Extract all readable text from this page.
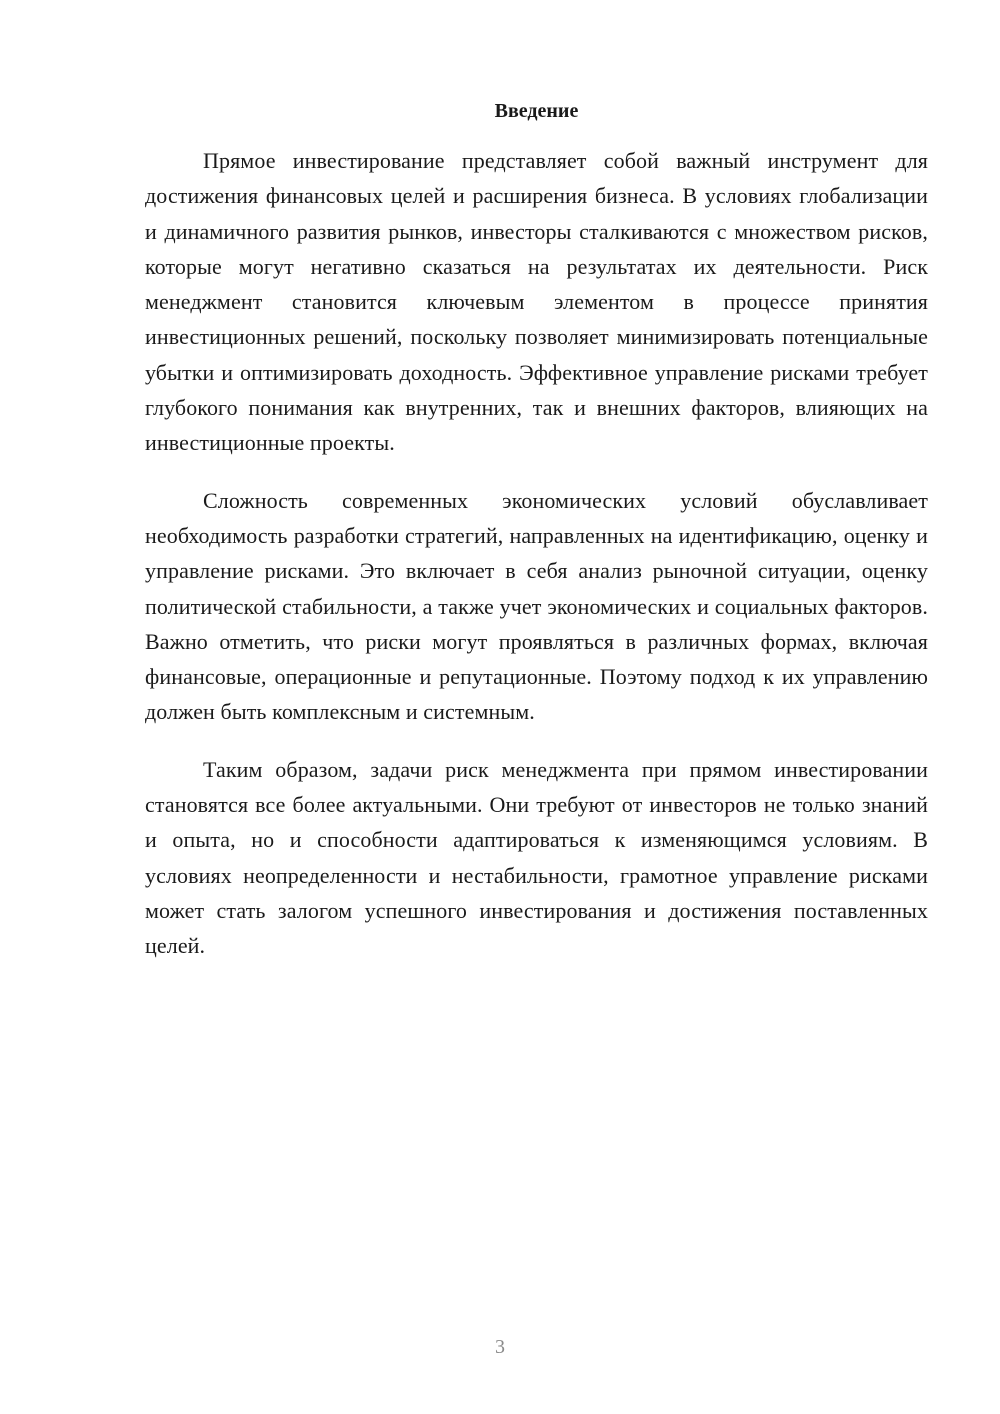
Введение

Прямое инвестирование представляет собой важный инструмент для достижения финансовых целей и расширения бизнеса. В условиях глобализации и динамичного развития рынков, инвесторы сталкиваются с множеством рисков, которые могут негативно сказаться на результатах их деятельности. Риск менеджмент становится ключевым элементом в процессе принятия инвестиционных решений, поскольку позволяет минимизировать потенциальные убытки и оптимизировать доходность. Эффективное управление рисками требует глубокого понимания как внутренних, так и внешних факторов, влияющих на инвестиционные проекты.

Сложность современных экономических условий обуславливает необходимость разработки стратегий, направленных на идентификацию, оценку и управление рисками. Это включает в себя анализ рыночной ситуации, оценку политической стабильности, а также учет экономических и социальных факторов. Важно отметить, что риски могут проявляться в различных формах, включая финансовые, операционные и репутационные. Поэтому подход к их управлению должен быть комплексным и системным.

Таким образом, задачи риск менеджмента при прямом инвестировании становятся все более актуальными. Они требуют от инвесторов не только знаний и опыта, но и способности адаптироваться к изменяющимся условиям. В условиях неопределенности и нестабильности, грамотное управление рисками может стать залогом успешного инвестирования и достижения поставленных целей.

3
